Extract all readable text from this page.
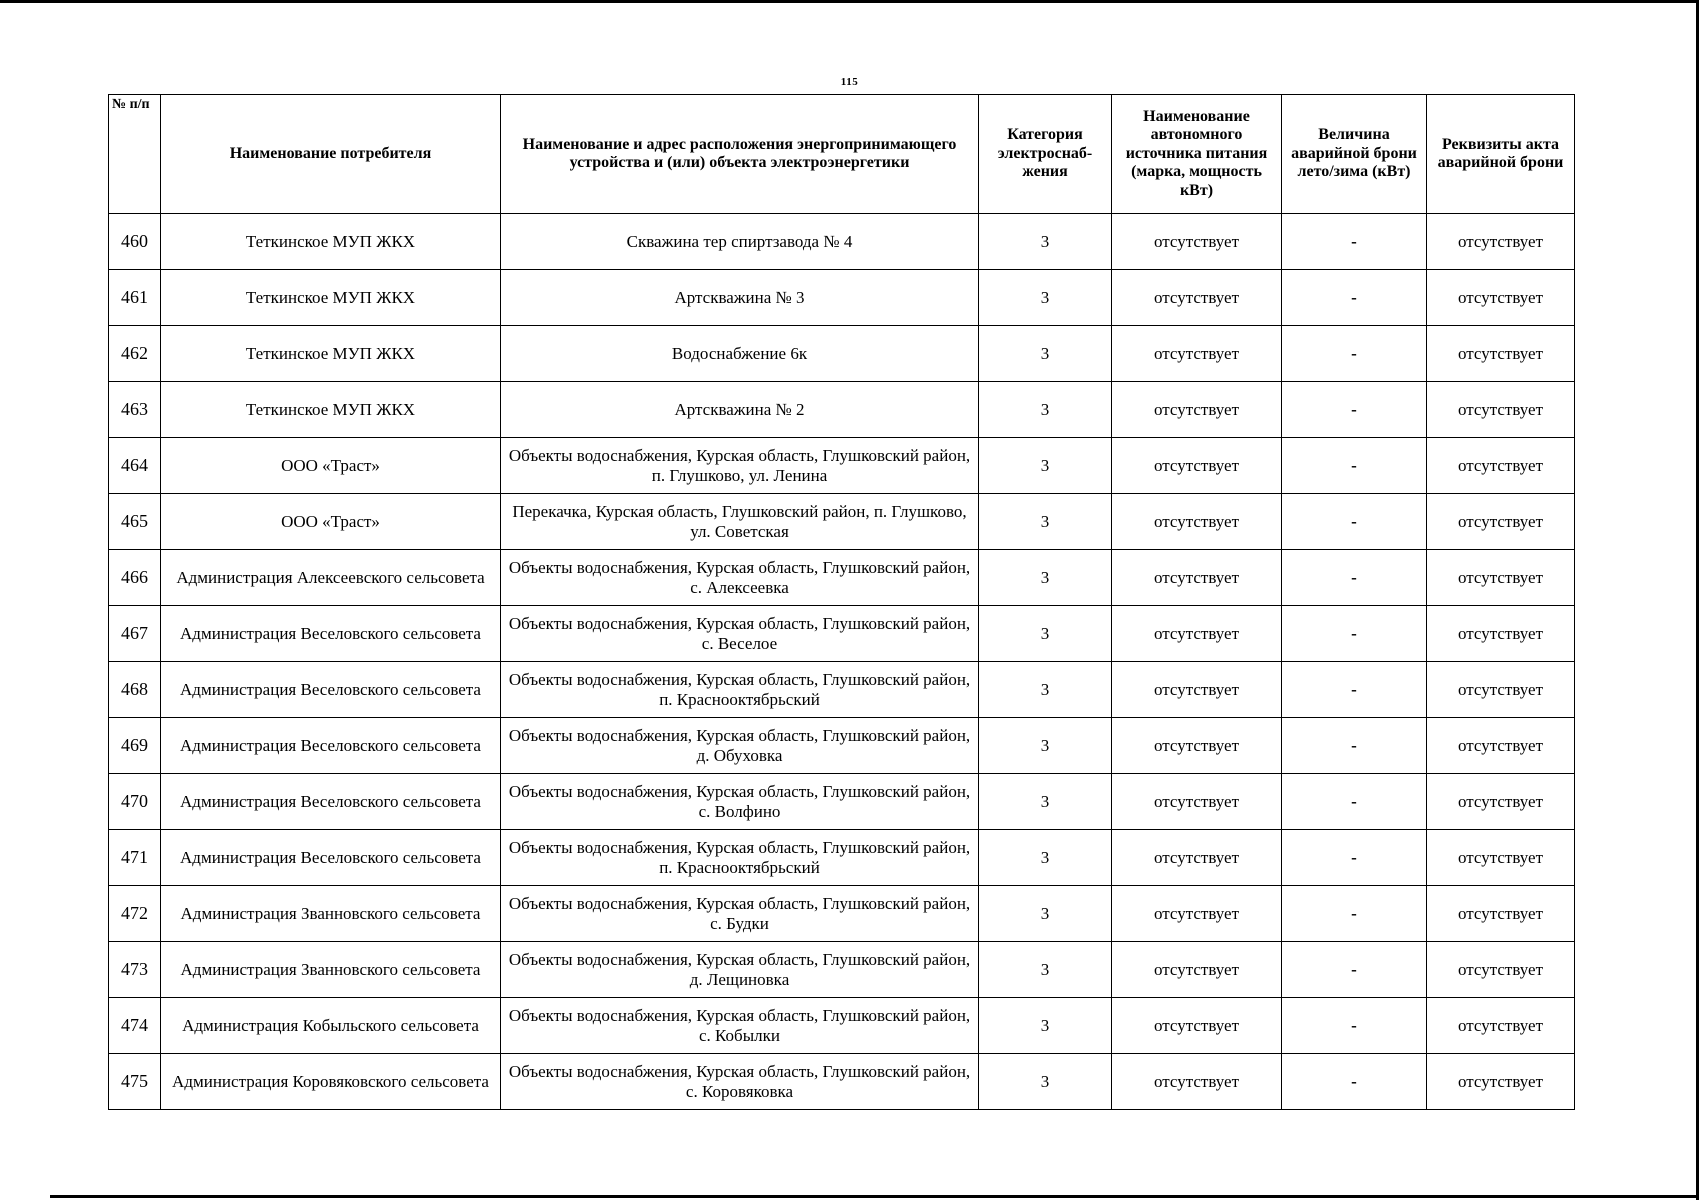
115
№ п/п	Наименование потребителя	Наименование и адрес расположения энергопринимающего устройства и (или) объекта электроэнергетики	Категория электроснаб-жения	Наименование автономного источника питания (марка, мощность кВт)	Величина аварийной брони лето/зима (кВт)	Реквизиты акта аварийной брони
460	Теткинское МУП ЖКХ	Скважина тер спиртзавода № 4	3	отсутствует	-	отсутствует
461	Теткинское МУП ЖКХ	Артскважина № 3	3	отсутствует	-	отсутствует
462	Теткинское МУП ЖКХ	Водоснабжение 6к	3	отсутствует	-	отсутствует
463	Теткинское МУП ЖКХ	Артскважина № 2	3	отсутствует	-	отсутствует
464	ООО «Траст»	Объекты водоснабжения, Курская область, Глушковский район, п. Глушково, ул. Ленина	3	отсутствует	-	отсутствует
465	ООО «Траст»	Перекачка, Курская область, Глушковский район, п. Глушково, ул. Советская	3	отсутствует	-	отсутствует
466	Администрация Алексеевского сельсовета	Объекты водоснабжения, Курская область, Глушковский район, с. Алексеевка	3	отсутствует	-	отсутствует
467	Администрация Веселовского сельсовета	Объекты водоснабжения, Курская область, Глушковский район, с. Веселое	3	отсутствует	-	отсутствует
468	Администрация Веселовского сельсовета	Объекты водоснабжения, Курская область, Глушковский район, п. Краснооктябрьский	3	отсутствует	-	отсутствует
469	Администрация Веселовского сельсовета	Объекты водоснабжения, Курская область, Глушковский район, д. Обуховка	3	отсутствует	-	отсутствует
470	Администрация Веселовского сельсовета	Объекты водоснабжения, Курская область, Глушковский район, с. Волфино	3	отсутствует	-	отсутствует
471	Администрация Веселовского сельсовета	Объекты водоснабжения, Курская область, Глушковский район, п. Краснооктябрьский	3	отсутствует	-	отсутствует
472	Администрация Званновского сельсовета	Объекты водоснабжения, Курская область, Глушковский район, с. Будки	3	отсутствует	-	отсутствует
473	Администрация Званновского сельсовета	Объекты водоснабжения, Курская область, Глушковский район, д. Лещиновка	3	отсутствует	-	отсутствует
474	Администрация Кобыльского сельсовета	Объекты водоснабжения, Курская область, Глушковский район, с. Кобылки	3	отсутствует	-	отсутствует
475	Администрация Коровяковского сельсовета	Объекты водоснабжения, Курская область, Глушковский район, с. Коровяковка	3	отсутствует	-	отсутствует
